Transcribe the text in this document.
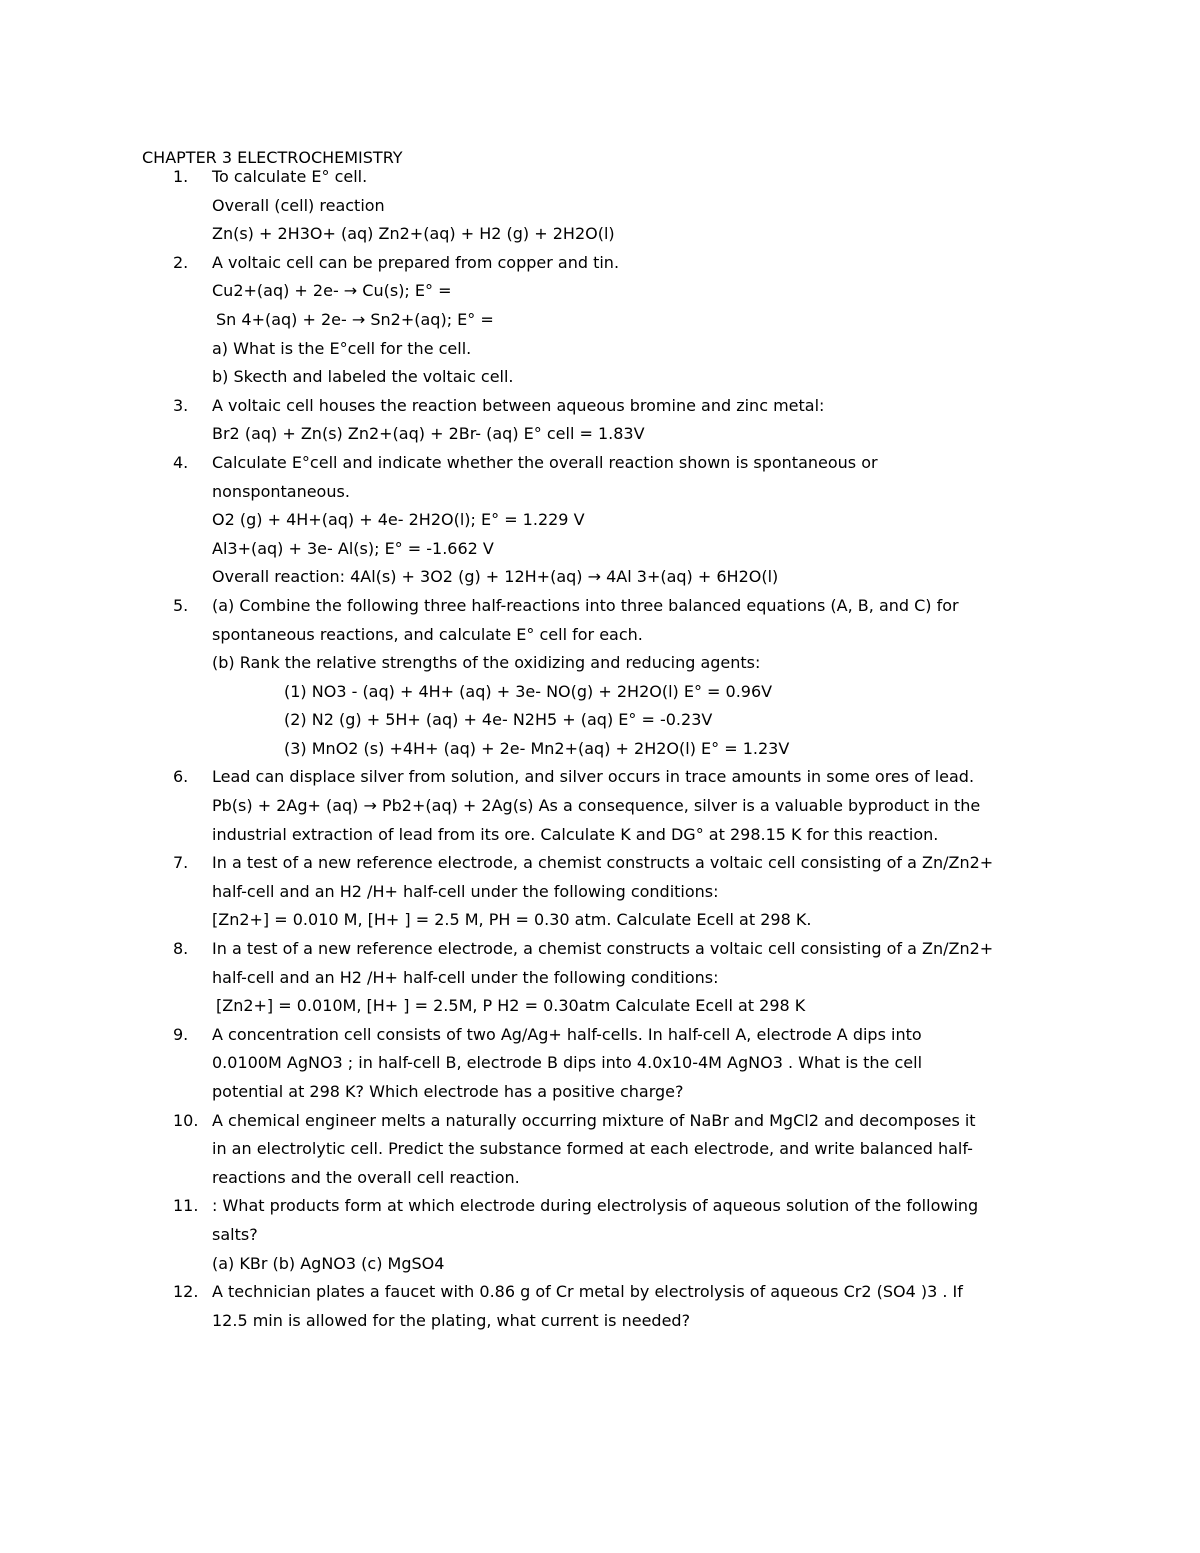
CHAPTER 3 ELECTROCHEMISTRY
1.	To calculate E° cell.
Overall (cell) reaction
Zn(s) + 2H3O+ (aq) Zn2+(aq) + H2 (g) + 2H2O(l)
2.	A voltaic cell can be prepared from copper and tin.
Cu2+(aq) + 2e- → Cu(s); E° =
Sn 4+(aq) + 2e- → Sn2+(aq); E° =
a) What is the E°cell for the cell.
b) Skecth and labeled the voltaic cell.
3.	A voltaic cell houses the reaction between aqueous bromine and zinc metal:
Br2 (aq) + Zn(s) Zn2+(aq) + 2Br- (aq) E° cell = 1.83V
4.	Calculate E°cell and indicate whether the overall reaction shown is spontaneous or
nonspontaneous.
O2 (g) + 4H+(aq) + 4e- 2H2O(l); E° = 1.229 V
Al3+(aq) + 3e- Al(s); E° = -1.662 V
Overall reaction: 4Al(s) + 3O2 (g) + 12H+(aq) → 4Al 3+(aq) + 6H2O(l)
5.	(a) Combine the following three half-reactions into three balanced equations (A, B, and C) for
spontaneous reactions, and calculate E° cell for each.
(b) Rank the relative strengths of the oxidizing and reducing agents:
(1) NO3 - (aq) + 4H+ (aq) + 3e- NO(g) + 2H2O(l) E° = 0.96V
(2) N2 (g) + 5H+ (aq) + 4e- N2H5 + (aq) E° = -0.23V
(3) MnO2 (s) +4H+ (aq) + 2e- Mn2+(aq) + 2H2O(l) E° = 1.23V
6.	Lead can displace silver from solution, and silver occurs in trace amounts in some ores of lead.
Pb(s) + 2Ag+ (aq) → Pb2+(aq) + 2Ag(s) As a consequence, silver is a valuable byproduct in the
industrial extraction of lead from its ore. Calculate K and DG° at 298.15 K for this reaction.
7.	In a test of a new reference electrode, a chemist constructs a voltaic cell consisting of a Zn/Zn2+
half-cell and an H2 /H+ half-cell under the following conditions:
[Zn2+] = 0.010 M, [H+ ] = 2.5 M, PH = 0.30 atm. Calculate Ecell at 298 K.
8.	In a test of a new reference electrode, a chemist constructs a voltaic cell consisting of a Zn/Zn2+
half-cell and an H2 /H+ half-cell under the following conditions:
[Zn2+] = 0.010M, [H+ ] = 2.5M, P H2 = 0.30atm Calculate Ecell at 298 K
9.	A concentration cell consists of two Ag/Ag+ half-cells. In half-cell A, electrode A dips into
0.0100M AgNO3 ; in half-cell B, electrode B dips into 4.0x10-4M AgNO3 . What is the cell
potential at 298 K? Which electrode has a positive charge?
10. A chemical engineer melts a naturally occurring mixture of NaBr and MgCl2 and decomposes it
in an electrolytic cell. Predict the substance formed at each electrode, and write balanced half-
reactions and the overall cell reaction.
11. : What products form at which electrode during electrolysis of aqueous solution of the following
salts?
(a) KBr (b) AgNO3 (c) MgSO4
12. A technician plates a faucet with 0.86 g of Cr metal by electrolysis of aqueous Cr2 (SO4 )3 . If
12.5 min is allowed for the plating, what current is needed?
